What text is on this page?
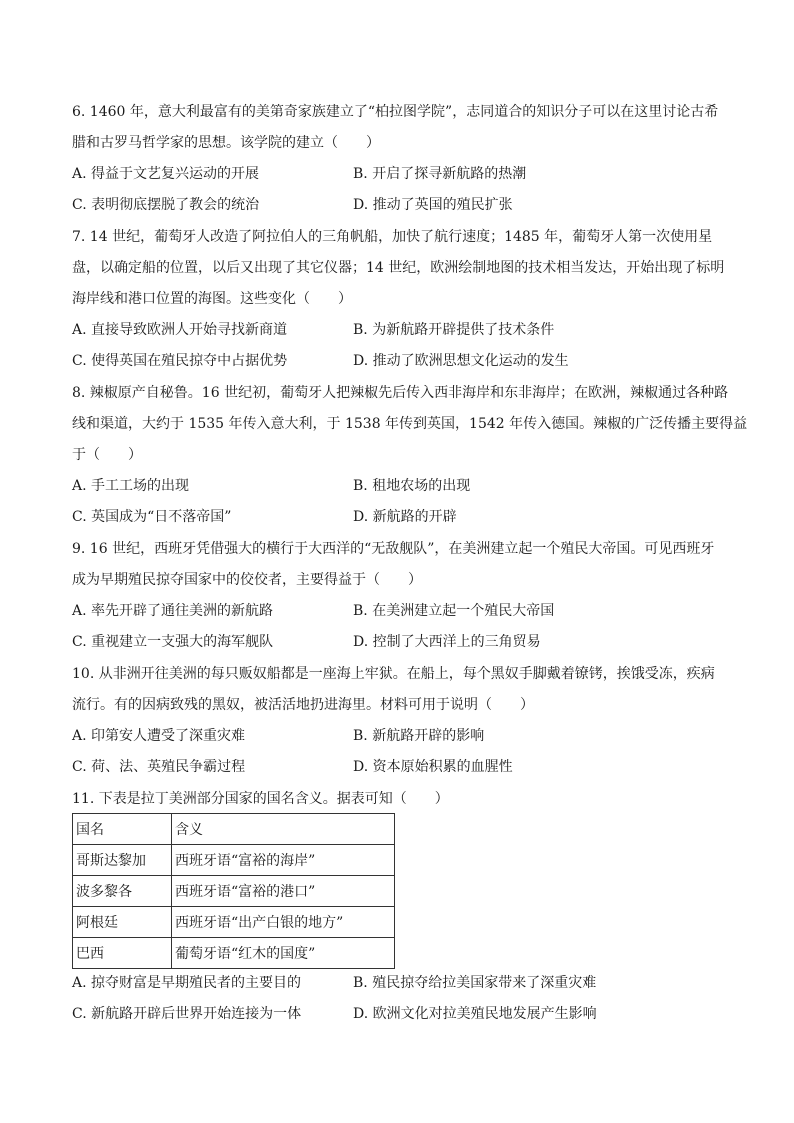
6. 1460 年，意大利最富有的美第奇家族建立了“柏拉图学院”，志同道合的知识分子可以在这里讨论古希
腊和古罗马哲学家的思想。该学院的建立（　　）
A. 得益于文艺复兴运动的开展	B. 开启了探寻新航路的热潮
C. 表明彻底摆脱了教会的统治	D. 推动了英国的殖民扩张
7. 14 世纪，葡萄牙人改造了阿拉伯人的三角帆船，加快了航行速度；1485 年，葡萄牙人第一次使用星
盘，以确定船的位置，以后又出现了其它仪器；14 世纪，欧洲绘制地图的技术相当发达，开始出现了标明
海岸线和港口位置的海图。这些变化（　　）
A. 直接导致欧洲人开始寻找新商道	B. 为新航路开辟提供了技术条件
C. 使得英国在殖民掠夺中占据优势	D. 推动了欧洲思想文化运动的发生
8. 辣椒原产自秘鲁。16 世纪初，葡萄牙人把辣椒先后传入西非海岸和东非海岸；在欧洲，辣椒通过各种路
线和渠道，大约于 1535 年传入意大利，于 1538 年传到英国，1542 年传入德国。辣椒的广泛传播主要得益
于（　　）
A. 手工工场的出现	B. 租地农场的出现
C. 英国成为“日不落帝国”	D. 新航路的开辟
9. 16 世纪，西班牙凭借强大的横行于大西洋的“无敌舰队”，在美洲建立起一个殖民大帝国。可见西班牙
成为早期殖民掠夺国家中的佼佼者，主要得益于（　　）
A. 率先开辟了通往美洲的新航路	B. 在美洲建立起一个殖民大帝国
C. 重视建立一支强大的海军舰队	D. 控制了大西洋上的三角贸易
10. 从非洲开往美洲的每只贩奴船都是一座海上牢狱。在船上，每个黑奴手脚戴着镣铐，挨饿受冻，疾病
流行。有的因病致残的黑奴，被活活地扔进海里。材料可用于说明（　　）
A. 印第安人遭受了深重灾难	B. 新航路开辟的影响
C. 荷、法、英殖民争霸过程	D. 资本原始积累的血腥性
11. 下表是拉丁美洲部分国家的国名含义。据表可知（　　）
国名	含义
哥斯达黎加	西班牙语“富裕的海岸”
波多黎各	西班牙语“富裕的港口”
阿根廷	西班牙语“出产白银的地方”
巴西	葡萄牙语“红木的国度”
A. 掠夺财富是早期殖民者的主要目的	B. 殖民掠夺给拉美国家带来了深重灾难
C. 新航路开辟后世界开始连接为一体	D. 欧洲文化对拉美殖民地发展产生影响
